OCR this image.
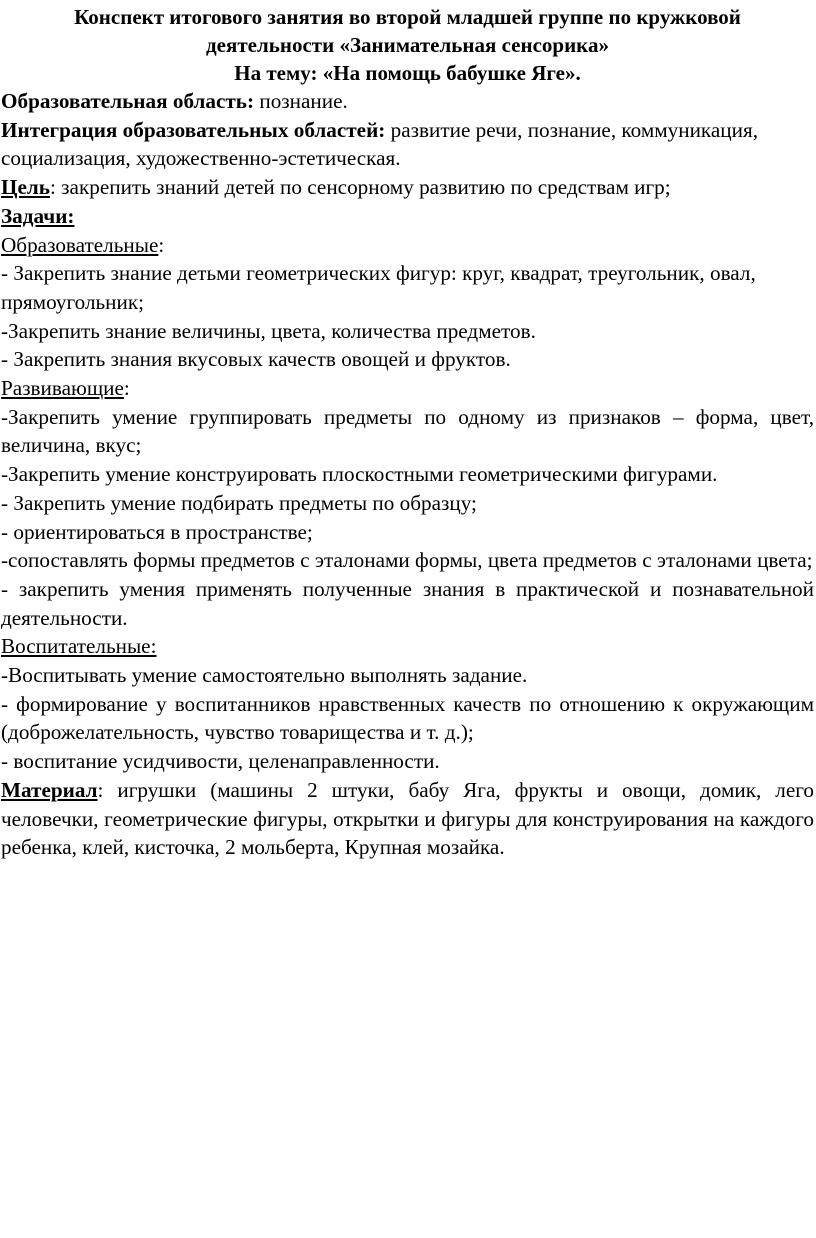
Конспект итогового занятия во второй младшей группе по кружковой
деятельности «Занимательная сенсорика»
На тему: «На помощь бабушке Яге».

Образовательная область: познание.

Интеграция образовательных областей: развитие речи, познание, коммуникация, социализация, художественно-эстетическая.

Цель: закрепить знаний детей по сенсорному развитию по средствам игр;

Задачи:

Образовательные:

- Закрепить знание детьми геометрических фигур: круг, квадрат, треугольник, овал, прямоугольник;

-Закрепить знание величины, цвета, количества предметов.

- Закрепить знания вкусовых качеств овощей и фруктов.

Развивающие:

-Закрепить умение группировать предметы по одному из признаков – форма, цвет, величина, вкус;

-Закрепить умение конструировать плоскостными геометрическими фигурами.

- Закрепить умение подбирать предметы по образцу;

- ориентироваться в пространстве;

-сопоставлять формы предметов с эталонами формы, цвета предметов с эталонами цвета;

- закрепить умения применять полученные знания в практической и познавательной деятельности.

Воспитательные:

-Воспитывать умение самостоятельно выполнять задание.

- формирование у воспитанников нравственных качеств по отношению к окружающим (доброжелательность, чувство товарищества и т. д.);

- воспитание усидчивости, целенаправленности.

Материал: игрушки (машины 2 штуки, бабу Яга, фрукты и овощи, домик, лего человечки, геометрические фигуры, открытки и фигуры для конструирования на каждого ребенка, клей, кисточка, 2 мольберта, Крупная мозайка.
